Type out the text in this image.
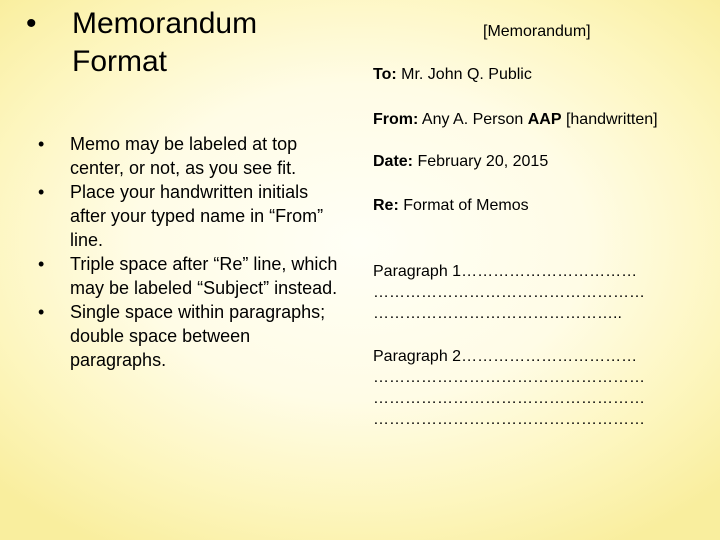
• Memorandum Format
• Memo may be labeled at top center, or not, as you see fit.
• Place your handwritten initials after your typed name in “From” line.
• Triple space after “Re” line, which may be labeled “Subject” instead.
• Single space within paragraphs; double space between paragraphs.
[Memorandum]
To: Mr. John Q. Public
From: Any A. Person AAP [handwritten]
Date: February 20, 2015
Re: Format of Memos
Paragraph 1……………………………
……………………………………………
………………………………………..
Paragraph 2……………………………
……………………………………………
……………………………………………
……………………………………………
